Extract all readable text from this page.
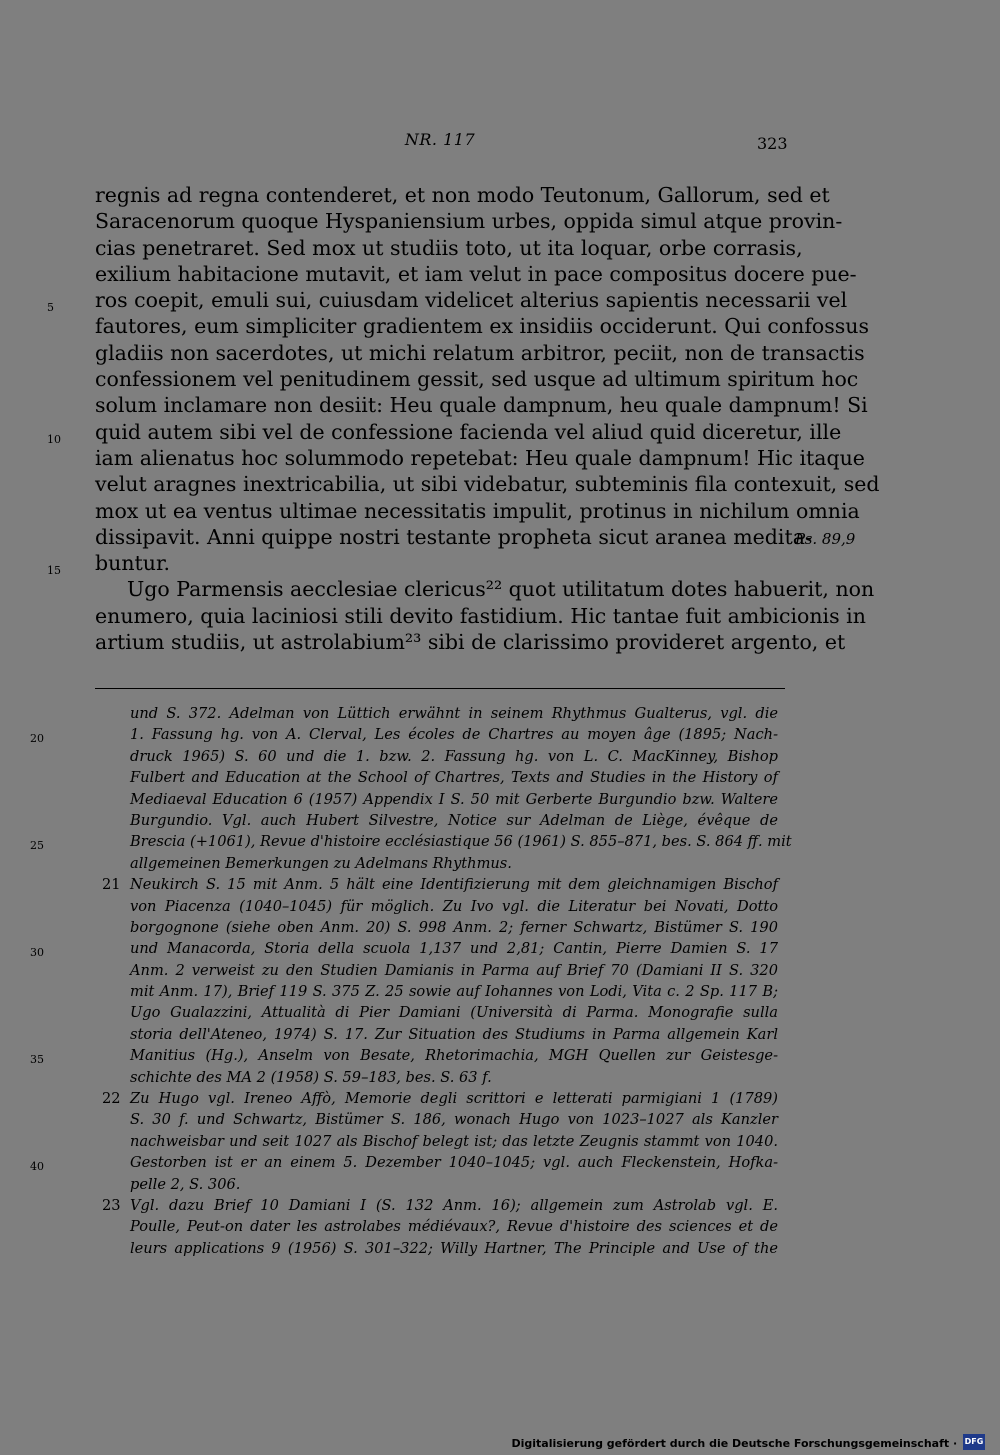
NR. 117	323
regnis ad regna contenderet, et non modo Teutonum, Gallorum, sed et
Saracenorum quoque Hyspaniensium urbes, oppida simul atque provin-
cias penetraret. Sed mox ut studiis toto, ut ita loquar, orbe corrasis,
exilium habitacione mutavit, et iam velut in pace compositus docere pue-
ros coepit, emuli sui, cuiusdam videlicet alterius sapientis necessarii vel
5
fautores, eum simpliciter gradientem ex insidiis occiderunt. Qui confossus
gladiis non sacerdotes, ut michi relatum arbitror, peciit, non de transactis
confessionem vel penitudinem gessit, sed usque ad ultimum spiritum hoc
solum inclamare non desiit: Heu quale dampnum, heu quale dampnum! Si
quid autem sibi vel de confessione facienda vel aliud quid diceretur, ille
10
iam alienatus hoc solummodo repetebat: Heu quale dampnum! Hic itaque
velut aragnes inextricabilia, ut sibi videbatur, subteminis fila contexuit, sed
mox ut ea ventus ultimae necessitatis impulit, protinus in nichilum omnia
dissipavit. Anni quippe nostri testante propheta sicut aranea medita-
Ps. 89,9
buntur.
15
Ugo Parmensis aecclesiae clericus²² quot utilitatum dotes habuerit, non
enumero, quia laciniosi stili devito fastidium. Hic tantae fuit ambicionis in
artium studiis, ut astrolabium²³ sibi de clarissimo provideret argento, et
und S. 372. Adelman von Lüttich erwähnt in seinem Rhythmus Gualterus, vgl. die
1. Fassung hg. von A. Clerval, Les écoles de Chartres au moyen âge (1895; Nach-
20
druck 1965) S. 60 und die 1. bzw. 2. Fassung hg. von L. C. MacKinney, Bishop
Fulbert and Education at the School of Chartres, Texts and Studies in the History of
Mediaeval Education 6 (1957) Appendix I S. 50 mit Gerberte Burgundio bzw. Waltere
Burgundio. Vgl. auch Hubert Silvestre, Notice sur Adelman de Liège, évêque de
Brescia (+1061), Revue d'histoire ecclésiastique 56 (1961) S. 855–871, bes. S. 864 ff. mit
25
allgemeinen Bemerkungen zu Adelmans Rhythmus.
Neukirch S. 15 mit Anm. 5 hält eine Identifizierung mit dem gleichnamigen Bischof
21
von Piacenza (1040–1045) für möglich. Zu Ivo vgl. die Literatur bei Novati, Dotto
borgognone (siehe oben Anm. 20) S. 998 Anm. 2; ferner Schwartz, Bistümer S. 190
und Manacorda, Storia della scuola 1,137 und 2,81; Cantin, Pierre Damien S. 17
30
Anm. 2 verweist zu den Studien Damianis in Parma auf Brief 70 (Damiani II S. 320
mit Anm. 17), Brief 119 S. 375 Z. 25 sowie auf Iohannes von Lodi, Vita c. 2 Sp. 117 B;
Ugo Gualazzini, Attualità di Pier Damiani (Università di Parma. Monografie sulla
storia dell'Ateneo, 1974) S. 17. Zur Situation des Studiums in Parma allgemein Karl
Manitius (Hg.), Anselm von Besate, Rhetorimachia, MGH Quellen zur Geistesge-
35
schichte des MA 2 (1958) S. 59–183, bes. S. 63 f.
Zu Hugo vgl. Ireneo Affò, Memorie degli scrittori e letterati parmigiani 1 (1789)
22
S. 30 f. und Schwartz, Bistümer S. 186, wonach Hugo von 1023–1027 als Kanzler
nachweisbar und seit 1027 als Bischof belegt ist; das letzte Zeugnis stammt von 1040.
Gestorben ist er an einem 5. Dezember 1040–1045; vgl. auch Fleckenstein, Hofka-
40
pelle 2, S. 306.
Vgl. dazu Brief 10 Damiani I (S. 132 Anm. 16); allgemein zum Astrolab vgl. E.
23
Poulle, Peut-on dater les astrolabes médiévaux?, Revue d'histoire des sciences et de
leurs applications 9 (1956) S. 301–322; Willy Hartner, The Principle and Use of the
Digitalisierung gefördert durch die Deutsche Forschungsgemeinschaft · DFG
